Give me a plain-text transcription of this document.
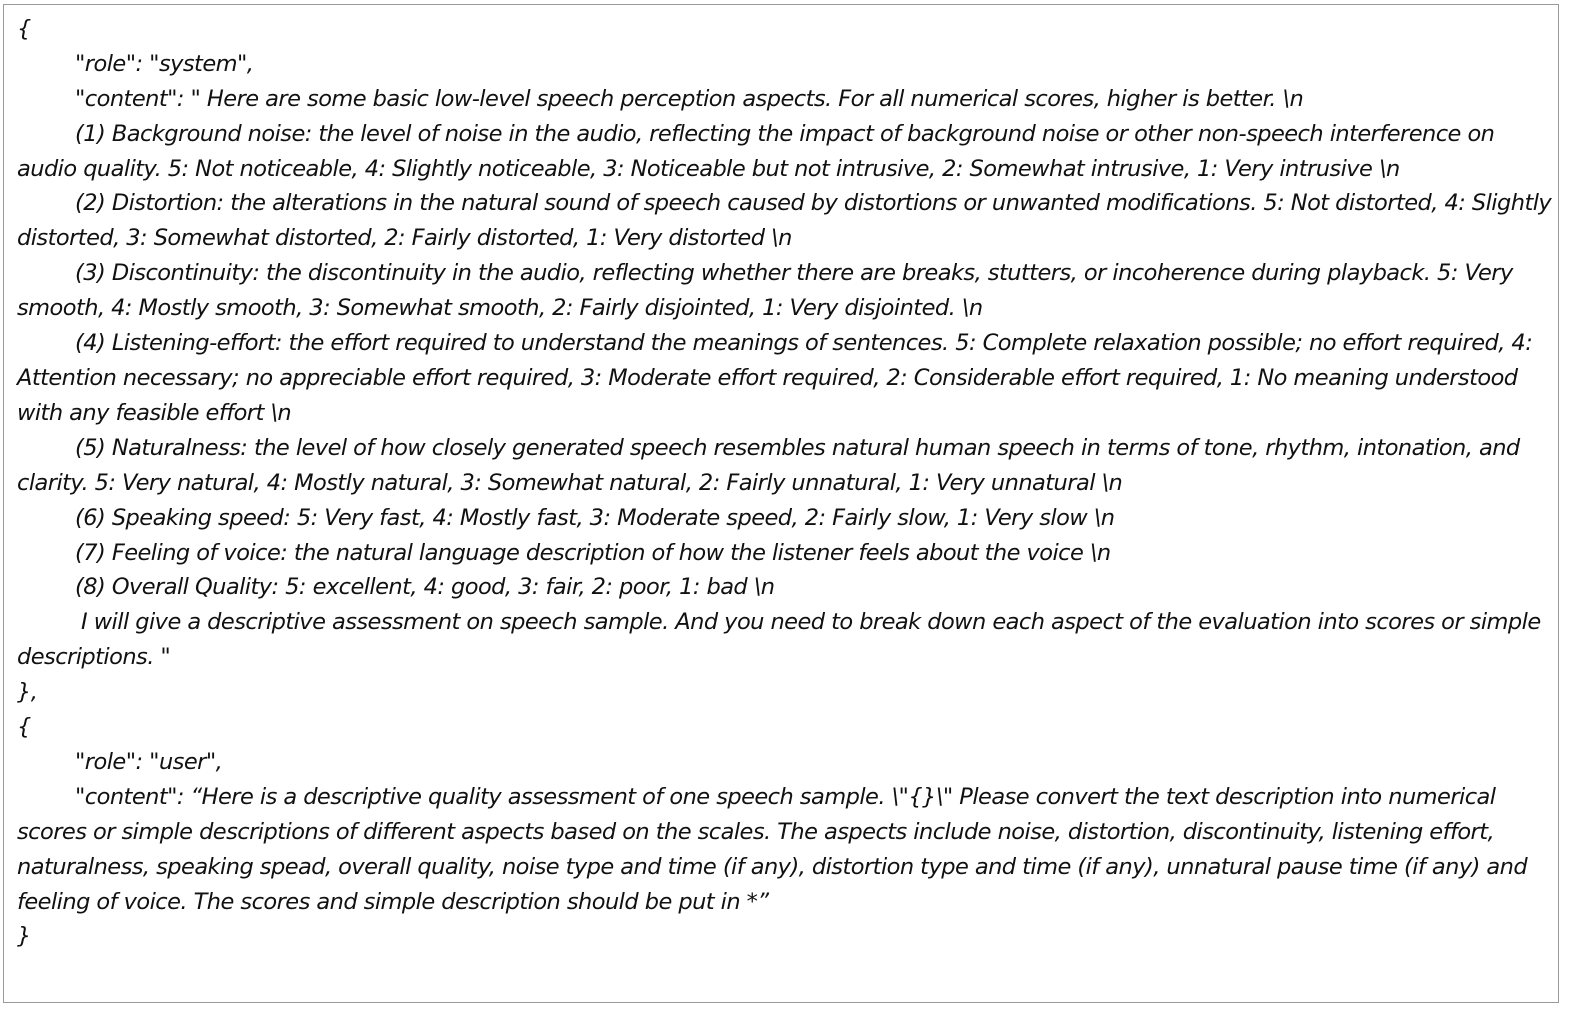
{
"role": "system",
"content": " Here are some basic low-level speech perception aspects. For all numerical scores, higher is better. \n

(1) Background noise: the level of noise in the audio, reflecting the impact of background noise or other non-speech interference on audio quality. 5: Not noticeable, 4: Slightly noticeable, 3: Noticeable but not intrusive, 2: Somewhat intrusive, 1: Very intrusive \n

(2) Distortion: the alterations in the natural sound of speech caused by distortions or unwanted modifications. 5: Not distorted, 4: Slightly distorted, 3: Somewhat distorted, 2: Fairly distorted, 1: Very distorted \n

(3) Discontinuity: the discontinuity in the audio, reflecting whether there are breaks, stutters, or incoherence during playback. 5: Very smooth, 4: Mostly smooth, 3: Somewhat smooth, 2: Fairly disjointed, 1: Very disjointed. \n

(4) Listening-effort: the effort required to understand the meanings of sentences. 5: Complete relaxation possible; no effort required, 4: Attention necessary; no appreciable effort required, 3: Moderate effort required, 2: Considerable effort required, 1: No meaning understood with any feasible effort \n

(5) Naturalness: the level of how closely generated speech resembles natural human speech in terms of tone, rhythm, intonation, and clarity. 5: Very natural, 4: Mostly natural, 3: Somewhat natural, 2: Fairly unnatural, 1: Very unnatural \n

(6) Speaking speed: 5: Very fast, 4: Mostly fast, 3: Moderate speed, 2: Fairly slow, 1: Very slow \n

(7) Feeling of voice: the natural language description of how the listener feels about the voice \n

(8) Overall Quality: 5: excellent, 4: good, 3: fair, 2: poor, 1: bad \n

I will give a descriptive assessment on speech sample. And you need to break down each aspect of the evaluation into scores or simple descriptions. "

},
{
"role": "user",

"content": “Here is a descriptive quality assessment of one speech sample. \"{}\" Please convert the text description into numerical scores or simple descriptions of different aspects based on the scales. The aspects include noise, distortion, discontinuity, listening effort, naturalness, speaking spead, overall quality, noise type and time (if any), distortion type and time (if any), unnatural pause time (if any) and feeling of voice. The scores and simple description should be put in *”

}
